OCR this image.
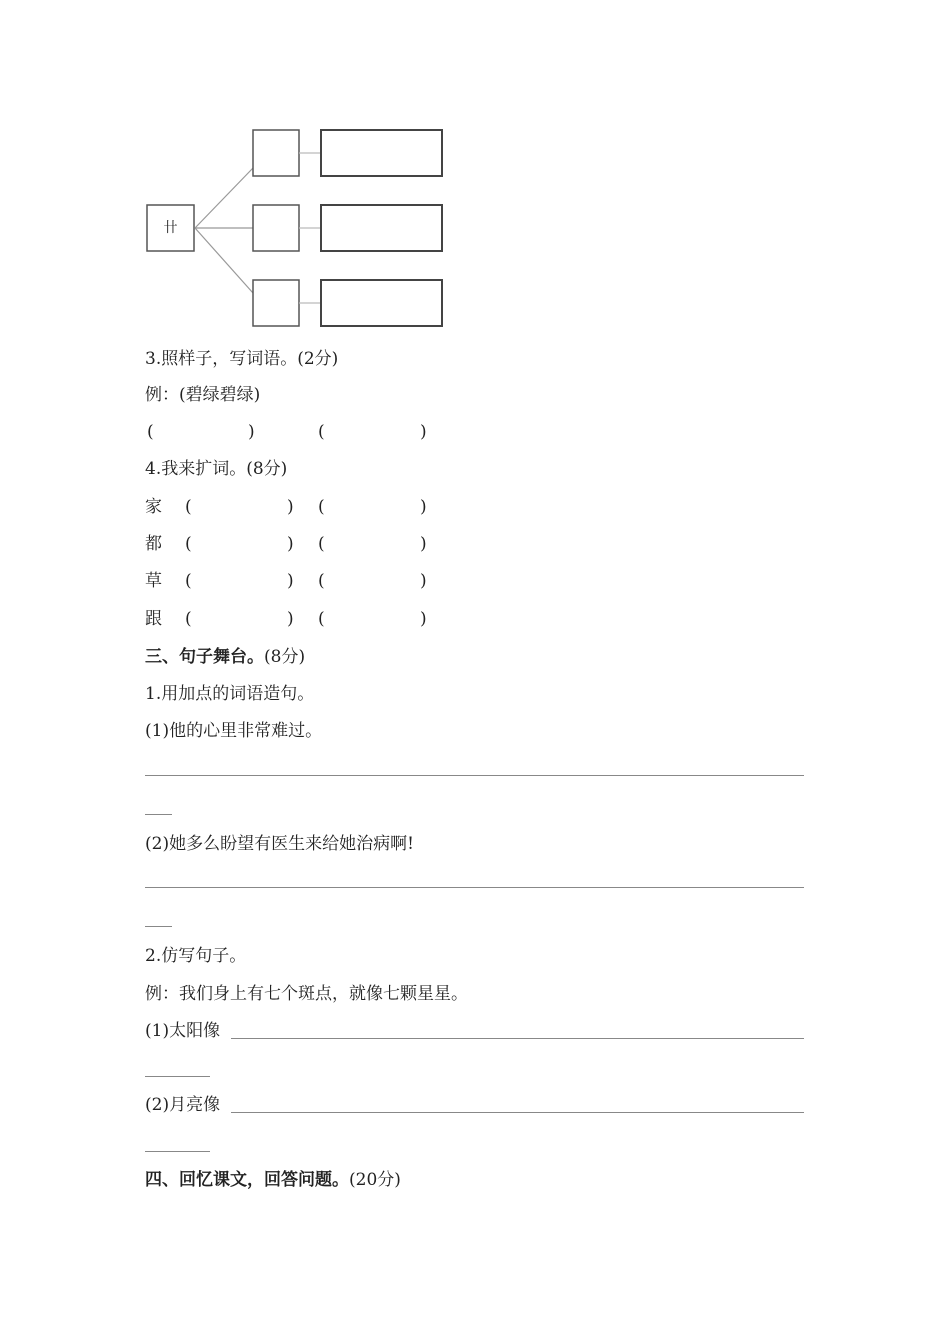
卄
3.照样子，写词语。(2分)
例：(碧绿碧绿)
(	)	(	)
4.我来扩词。(8分)
家 (	) (	)
都 (	) (	)
草 (	) (	)
跟 (	) (	)
三、句子舞台。(8分)
1.用加点的词语造句。
(1)他的心里非常难过。
(2)她多么盼望有医生来给她治病啊!
2.仿写句子。
例：我们身上有七个斑点，就像七颗星星。
(1)太阳像
(2)月亮像
四、回忆课文，回答问题。(20分)
